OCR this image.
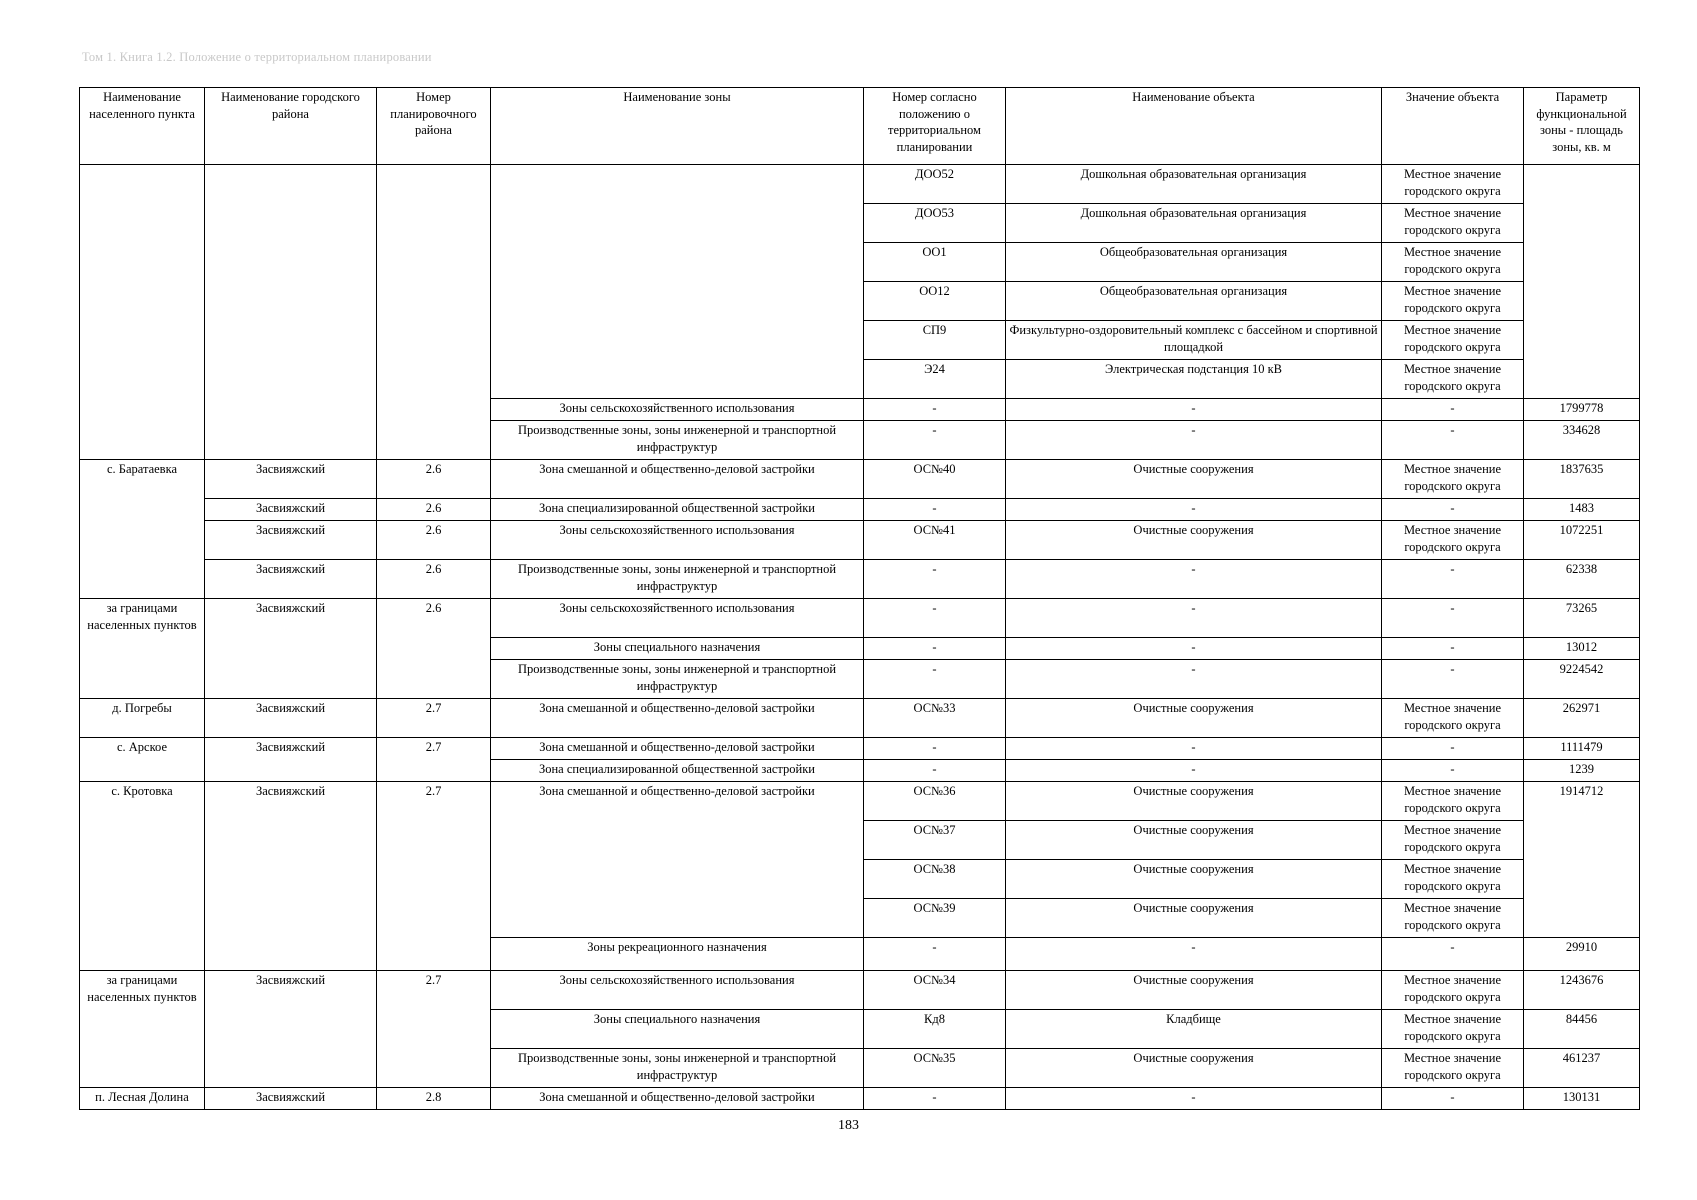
Том 1. Книга 1.2. Положение о территориальном планировании
Наименование населенного пункта	Наименование городского района	Номер планировочного района	Наименование зоны	Номер согласно положению о территориальном планировании	Наименование объекта	Значение объекта	Параметр функциональной зоны - площадь зоны, кв. м
				ДОО52	Дошкольная образовательная организация	Местное значение городского округа	
				ДОО53	Дошкольная образовательная организация	Местное значение городского округа	
				ОО1	Общеобразовательная организация	Местное значение городского округа	
				ОО12	Общеобразовательная организация	Местное значение городского округа	
				СП9	Физкультурно-оздоровительный комплекс с бассейном и спортивной площадкой	Местное значение городского округа	
				Э24	Электрическая подстанция 10 кВ	Местное значение городского округа	
			Зоны сельскохозяйственного использования	-	-	-	1799778
			Производственные зоны, зоны инженерной и транспортной инфраструктур	-	-	-	334628
с. Баратаевка	Засвияжский	2.6	Зона смешанной и общественно-деловой застройки	ОС№40	Очистные сооружения	Местное значение городского округа	1837635
	Засвияжский	2.6	Зона специализированной общественной застройки	-	-	-	1483
	Засвияжский	2.6	Зоны сельскохозяйственного использования	ОС№41	Очистные сооружения	Местное значение городского округа	1072251
	Засвияжский	2.6	Производственные зоны, зоны инженерной и транспортной инфраструктур	-	-	-	62338
за границами населенных пунктов	Засвияжский	2.6	Зоны сельскохозяйственного использования	-	-	-	73265
			Зоны специального назначения	-	-	-	13012
			Производственные зоны, зоны инженерной и транспортной инфраструктур	-	-	-	9224542
д. Погребы	Засвияжский	2.7	Зона смешанной и общественно-деловой застройки	ОС№33	Очистные сооружения	Местное значение городского округа	262971
с. Арское	Засвияжский	2.7	Зона смешанной и общественно-деловой застройки	-	-	-	1111479
			Зона специализированной общественной застройки	-	-	-	1239
с. Кротовка	Засвияжский	2.7	Зона смешанной и общественно-деловой застройки	ОС№36	Очистные сооружения	Местное значение городского округа	1914712
				ОС№37	Очистные сооружения	Местное значение городского округа	
				ОС№38	Очистные сооружения	Местное значение городского округа	
				ОС№39	Очистные сооружения	Местное значение городского округа	
			Зоны рекреационного назначения	-	-	-	29910
за границами населенных пунктов	Засвияжский	2.7	Зоны сельскохозяйственного использования	ОС№34	Очистные сооружения	Местное значение городского округа	1243676
			Зоны специального назначения	Кд8	Кладбище	Местное значение городского округа	84456
			Производственные зоны, зоны инженерной и транспортной инфраструктур	ОС№35	Очистные сооружения	Местное значение городского округа	461237
п. Лесная Долина	Засвияжский	2.8	Зона смешанной и общественно-деловой застройки	-	-	-	130131
183
